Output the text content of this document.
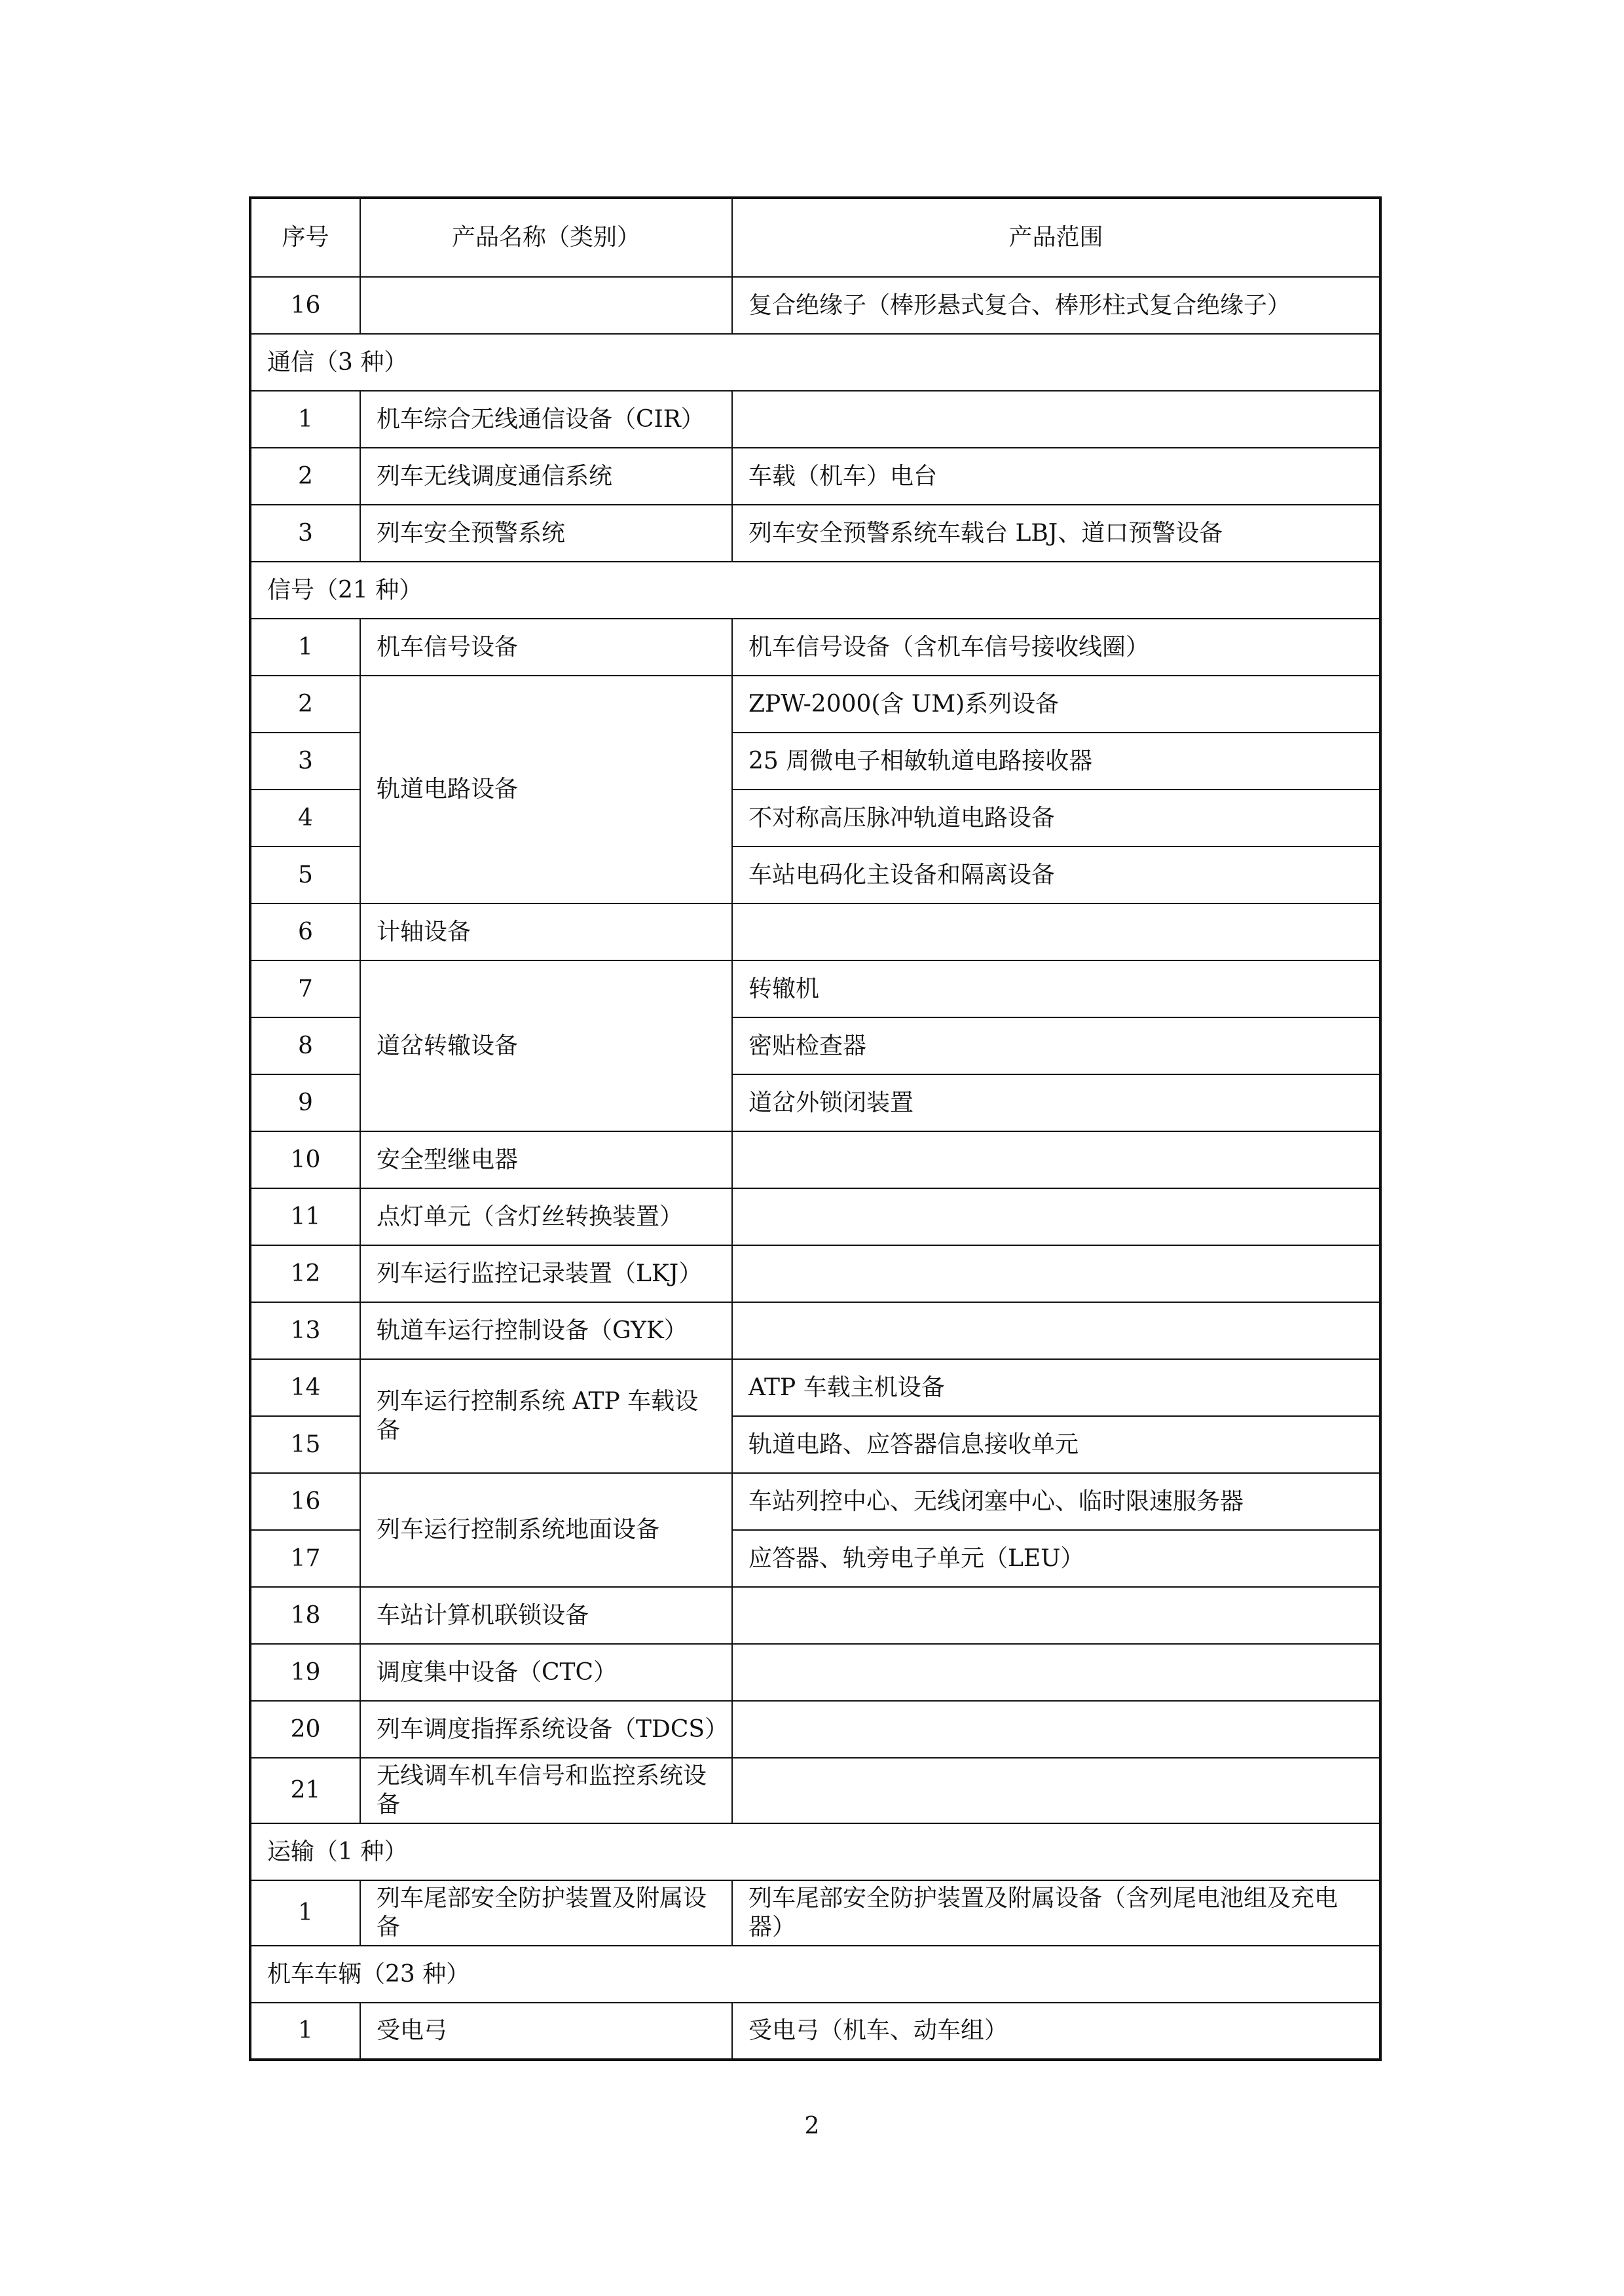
序号	产品名称（类别）	产品范围
16		复合绝缘子（棒形悬式复合、棒形柱式复合绝缘子）
通信（3 种）		
1	机车综合无线通信设备（CIR）	
2	列车无线调度通信系统	车载（机车）电台
3	列车安全预警系统	列车安全预警系统车载台 LBJ、道口预警设备
信号（21 种）		
1	机车信号设备	机车信号设备（含机车信号接收线圈）
2	轨道电路设备	ZPW-2000(含 UM)系列设备
3		25 周微电子相敏轨道电路接收器
4		不对称高压脉冲轨道电路设备
5		车站电码化主设备和隔离设备
6	计轴设备	
7	道岔转辙设备	转辙机
8		密贴检查器
9		道岔外锁闭装置
10	安全型继电器	
11	点灯单元（含灯丝转换装置）	
12	列车运行监控记录装置（LKJ）	
13	轨道车运行控制设备（GYK）	
14	列车运行控制系统 ATP 车载设备	ATP 车载主机设备
15		轨道电路、应答器信息接收单元
16	列车运行控制系统地面设备	车站列控中心、无线闭塞中心、临时限速服务器
17		应答器、轨旁电子单元（LEU）
18	车站计算机联锁设备	
19	调度集中设备（CTC）	
20	列车调度指挥系统设备（TDCS）	
21	无线调车机车信号和监控系统设备	
运输（1 种）		
1	列车尾部安全防护装置及附属设备	列车尾部安全防护装置及附属设备（含列尾电池组及充电器）
机车车辆（23 种）		
1	受电弓	受电弓（机车、动车组）
2
